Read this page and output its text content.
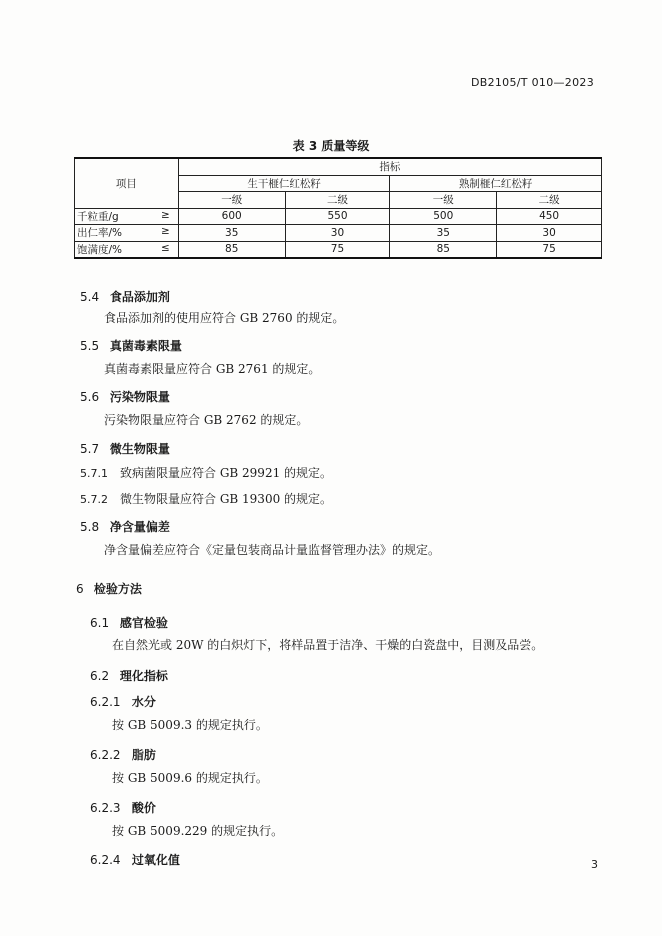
DB2105/T 010—2023
表 3 质量等级
项目	指标			
	生干榧仁红松籽		熟制榧仁红松籽	
	一级	二级	一级	二级
千粒重/g ≥	600	550	500	450
出仁率/% ≥	35	30	35	30
饱满度/% ≤	85	75	85	75
5.4 食品添加剂
食品添加剂的使用应符合 GB 2760 的规定。
5.5 真菌毒素限量
真菌毒素限量应符合 GB 2761 的规定。
5.6 污染物限量
污染物限量应符合 GB 2762 的规定。
5.7 微生物限量
5.7.1 致病菌限量应符合 GB 29921 的规定。
5.7.2 微生物限量应符合 GB 19300 的规定。
5.8 净含量偏差
净含量偏差应符合《定量包装商品计量监督管理办法》的规定。
6 检验方法
6.1 感官检验
在自然光或 20W 的白炽灯下，将样品置于洁净、干燥的白瓷盘中，目测及品尝。
6.2 理化指标
6.2.1 水分
按 GB 5009.3 的规定执行。
6.2.2 脂肪
按 GB 5009.6 的规定执行。
6.2.3 酸价
按 GB 5009.229 的规定执行。
6.2.4 过氧化值	3
